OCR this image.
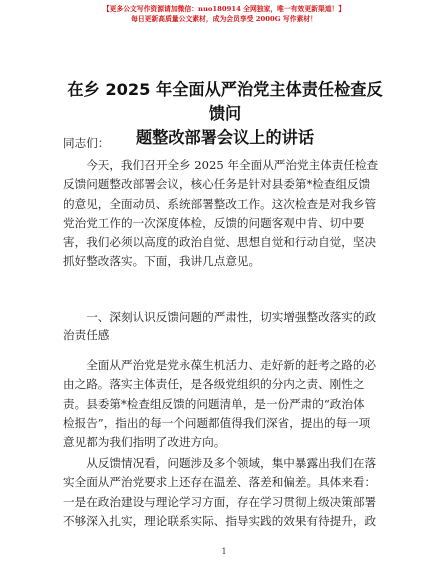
【更多公文写作资源请加微信：nuo180914 全网独家，唯一有效更新渠道！】
每日更新高质量公文素材，成为会员享受 2000G 写作素材！
在乡 2025 年全面从严治党主体责任检查反馈问
题整改部署会议上的讲话
同志们：
今天，我们召开全乡 2025 年全面从严治党主体责任检查
反馈问题整改部署会议，核心任务是针对县委第*检查组反馈
的意见，全面动员、系统部署整改工作。这次检查是对我乡管
党治党工作的一次深度体检，反馈的问题客观中肯、切中要
害，我们必须以高度的政治自觉、思想自觉和行动自觉，坚决
抓好整改落实。下面，我讲几点意见。
一、深刻认识反馈问题的严肃性，切实增强整改落实的政
治责任感
全面从严治党是党永葆生机活力、走好新的赶考之路的必
由之路。落实主体责任，是各级党组织的分内之责、刚性之
责。县委第*检查组反馈的问题清单，是一份严肃的“政治体
检报告”，指出的每一个问题都值得我们深省，提出的每一项
意见都为我们指明了改进方向。
从反馈情况看，问题涉及多个领域，集中暴露出我们在落
实全面从严治党要求上还存在温差、落差和偏差。具体来看：
一是在政治建设与理论学习方面，存在学习贯彻上级决策部署
不够深入扎实，理论联系实际、指导实践的效果有待提升，政
1
